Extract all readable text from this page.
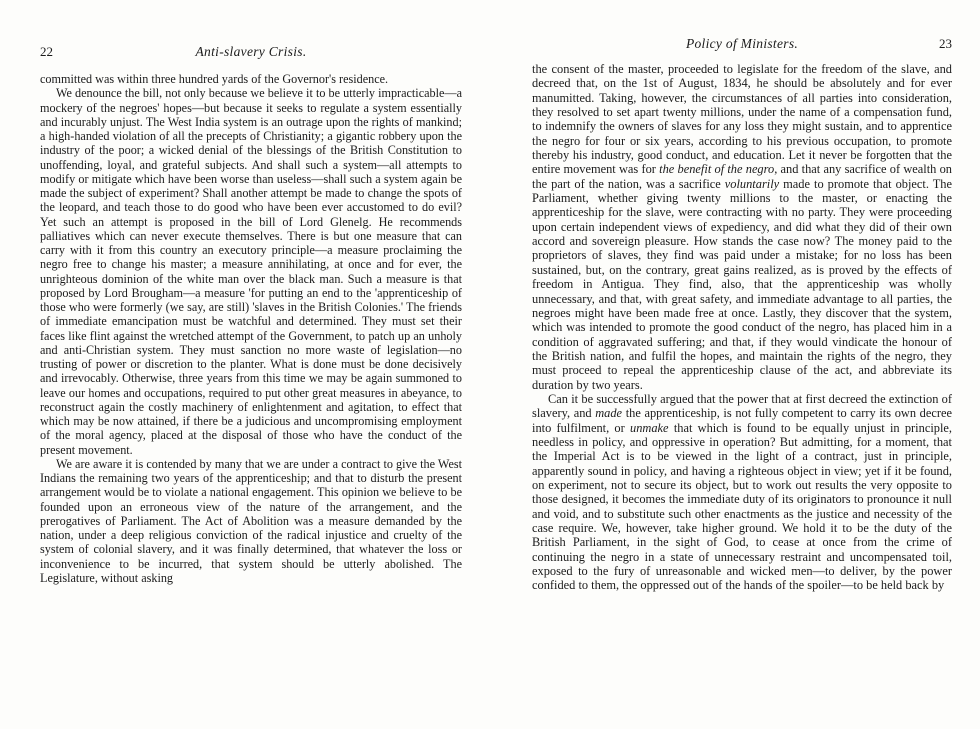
22	Anti-slavery Crisis.

committed was within three hundred yards of the Governor's residence.

We denounce the bill, not only because we believe it to be utterly impracticable—a mockery of the negroes' hopes—but because it seeks to regulate a system essentially and incurably unjust. The West India system is an outrage upon the rights of mankind; a high-handed violation of all the precepts of Christianity; a gigantic robbery upon the industry of the poor; a wicked denial of the blessings of the British Constitution to unoffending, loyal, and grateful subjects. And shall such a system—all attempts to modify or mitigate which have been worse than useless—shall such a system again be made the subject of experiment? Shall another attempt be made to change the spots of the leopard, and teach those to do good who have been ever accustomed to do evil? Yet such an attempt is proposed in the bill of Lord Glenelg. He recommends palliatives which can never execute themselves. There is but one measure that can carry with it from this country an executory principle—a measure proclaiming the negro free to change his master; a measure annihilating, at once and for ever, the unrighteous dominion of the white man over the black man. Such a measure is that proposed by Lord Brougham—a measure 'for putting an end to the 'apprenticeship of those who were formerly (we say, are still) 'slaves in the British Colonies.' The friends of immediate emancipation must be watchful and determined. They must set their faces like flint against the wretched attempt of the Government, to patch up an unholy and anti-Christian system. They must sanction no more waste of legislation—no trusting of power or discretion to the planter. What is done must be done decisively and irrevocably. Otherwise, three years from this time we may be again summoned to leave our homes and occupations, required to put other great measures in abeyance, to reconstruct again the costly machinery of enlightenment and agitation, to effect that which may be now attained, if there be a judicious and uncompromising employment of the moral agency, placed at the disposal of those who have the conduct of the present movement.

We are aware it is contended by many that we are under a contract to give the West Indians the remaining two years of the apprenticeship; and that to disturb the present arrangement would be to violate a national engagement. This opinion we believe to be founded upon an erroneous view of the nature of the arrangement, and the prerogatives of Parliament. The Act of Abolition was a measure demanded by the nation, under a deep religious conviction of the radical injustice and cruelty of the system of colonial slavery, and it was finally determined, that whatever the loss or inconvenience to be incurred, that system should be utterly abolished. The Legislature, without asking

Policy of Ministers.	23

the consent of the master, proceeded to legislate for the freedom of the slave, and decreed that, on the 1st of August, 1834, he should be absolutely and for ever manumitted. Taking, however, the circumstances of all parties into consideration, they resolved to set apart twenty millions, under the name of a compensation fund, to indemnify the owners of slaves for any loss they might sustain, and to apprentice the negro for four or six years, according to his previous occupation, to promote thereby his industry, good conduct, and education. Let it never be forgotten that the entire movement was for the benefit of the negro, and that any sacrifice of wealth on the part of the nation, was a sacrifice voluntarily made to promote that object. The Parliament, whether giving twenty millions to the master, or enacting the apprenticeship for the slave, were contracting with no party. They were proceeding upon certain independent views of expediency, and did what they did of their own accord and sovereign pleasure. How stands the case now? The money paid to the proprietors of slaves, they find was paid under a mistake; for no loss has been sustained, but, on the contrary, great gains realized, as is proved by the effects of freedom in Antigua. They find, also, that the apprenticeship was wholly unnecessary, and that, with great safety, and immediate advantage to all parties, the negroes might have been made free at once. Lastly, they discover that the system, which was intended to promote the good conduct of the negro, has placed him in a condition of aggravated suffering; and that, if they would vindicate the honour of the British nation, and fulfil the hopes, and maintain the rights of the negro, they must proceed to repeal the apprenticeship clause of the act, and abbreviate its duration by two years.

Can it be successfully argued that the power that at first decreed the extinction of slavery, and made the apprenticeship, is not fully competent to carry its own decree into fulfilment, or unmake that which is found to be equally unjust in principle, needless in policy, and oppressive in operation? But admitting, for a moment, that the Imperial Act is to be viewed in the light of a contract, just in principle, apparently sound in policy, and having a righteous object in view; yet if it be found, on experiment, not to secure its object, but to work out results the very opposite to those designed, it becomes the immediate duty of its originators to pronounce it null and void, and to substitute such other enactments as the justice and necessity of the case require. We, however, take higher ground. We hold it to be the duty of the British Parliament, in the sight of God, to cease at once from the crime of continuing the negro in a state of unnecessary restraint and uncompensated toil, exposed to the fury of unreasonable and wicked men—to deliver, by the power confided to them, the oppressed out of the hands of the spoiler—to be held back by
